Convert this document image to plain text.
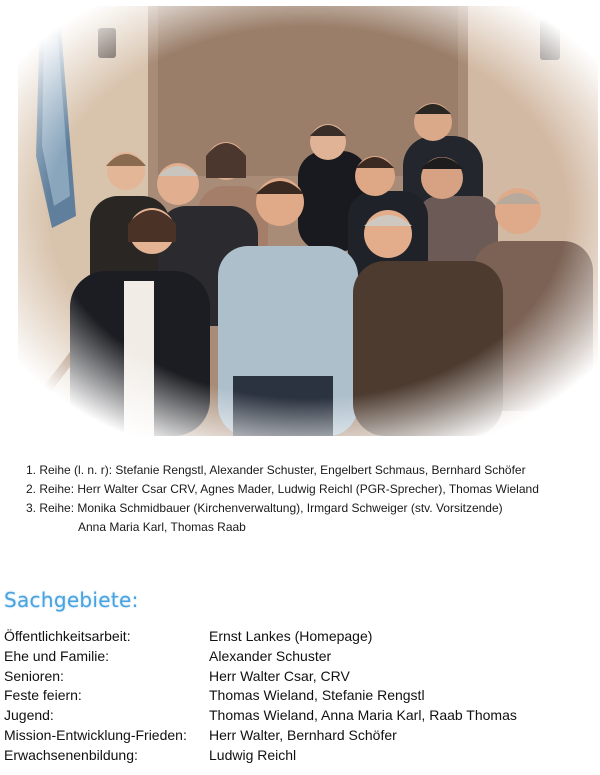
1. Reihe (l. n. r): Stefanie Rengstl, Alexander Schuster, Engelbert Schmaus, Bernhard Schöfer
2. Reihe: Herr Walter Csar CRV, Agnes Mader, Ludwig Reichl (PGR-Sprecher), Thomas Wieland
3. Reihe: Monika Schmidbauer (Kirchenverwaltung), Irmgard Schweiger (stv. Vorsitzende)
Anna Maria Karl, Thomas Raab
Sachgebiete:
Öffentlichkeitsarbeit:	Ernst Lankes (Homepage)
Ehe und Familie:	Alexander Schuster
Senioren:	Herr Walter Csar, CRV
Feste feiern:	Thomas Wieland, Stefanie Rengstl
Jugend:	Thomas Wieland, Anna Maria Karl, Raab Thomas
Mission-Entwicklung-Frieden:	Herr Walter, Bernhard Schöfer
Erwachsenenbildung:	Ludwig Reichl
